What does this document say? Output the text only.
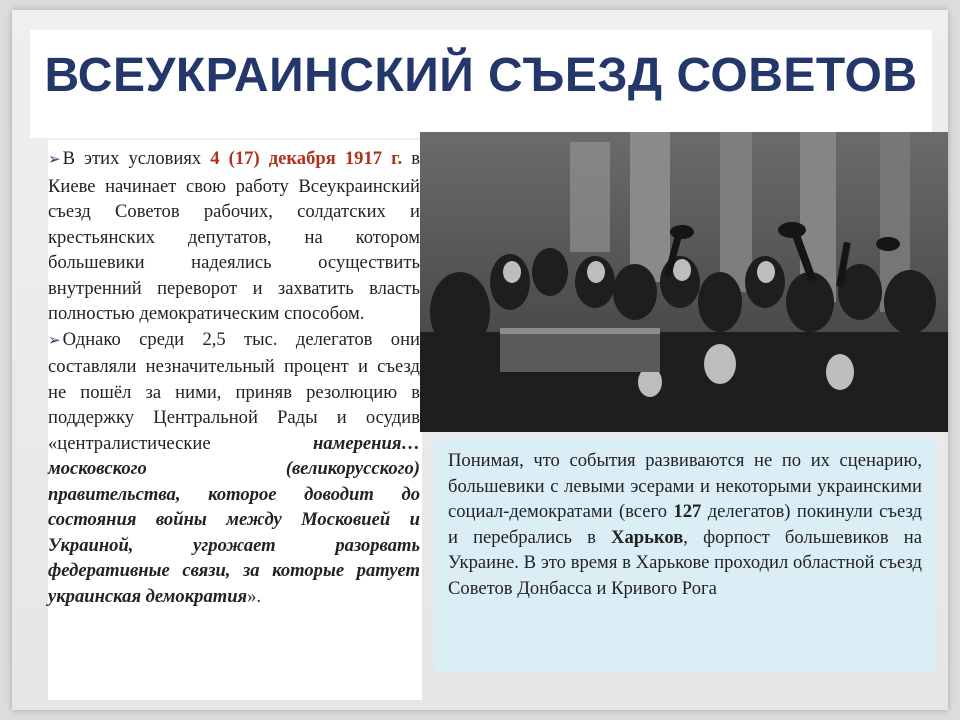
ВСЕУКРАИНСКИЙ СЪЕЗД СОВЕТОВ

➢ В этих условиях 4 (17) декабря 1917 г. в Киеве начинает свою работу Всеукраинский съезд Советов рабочих, солдатских и крестьянских депутатов, на котором большевики надеялись осуществить внутренний переворот и захватить власть полностью демократическим способом.

➢ Однако среди 2,5 тыс. делегатов они составляли незначительный процент и съезд не пошёл за ними, приняв резолюцию в поддержку Центральной Рады и осудив «централистические намерения… московского (великорусского) правительства, которое доводит до состояния войны между Московией и Украиной, угрожает разорвать федеративные связи, за которые ратует украинская демократия».

Понимая, что события развиваются не по их сценарию, большевики с левыми эсерами и некоторыми украинскими социал-демократами (всего 127 делегатов) покинули съезд и перебрались в Харьков, форпост большевиков на Украине. В это время в Харькове проходил областной съезд Советов Донбасса и Кривого Рога
